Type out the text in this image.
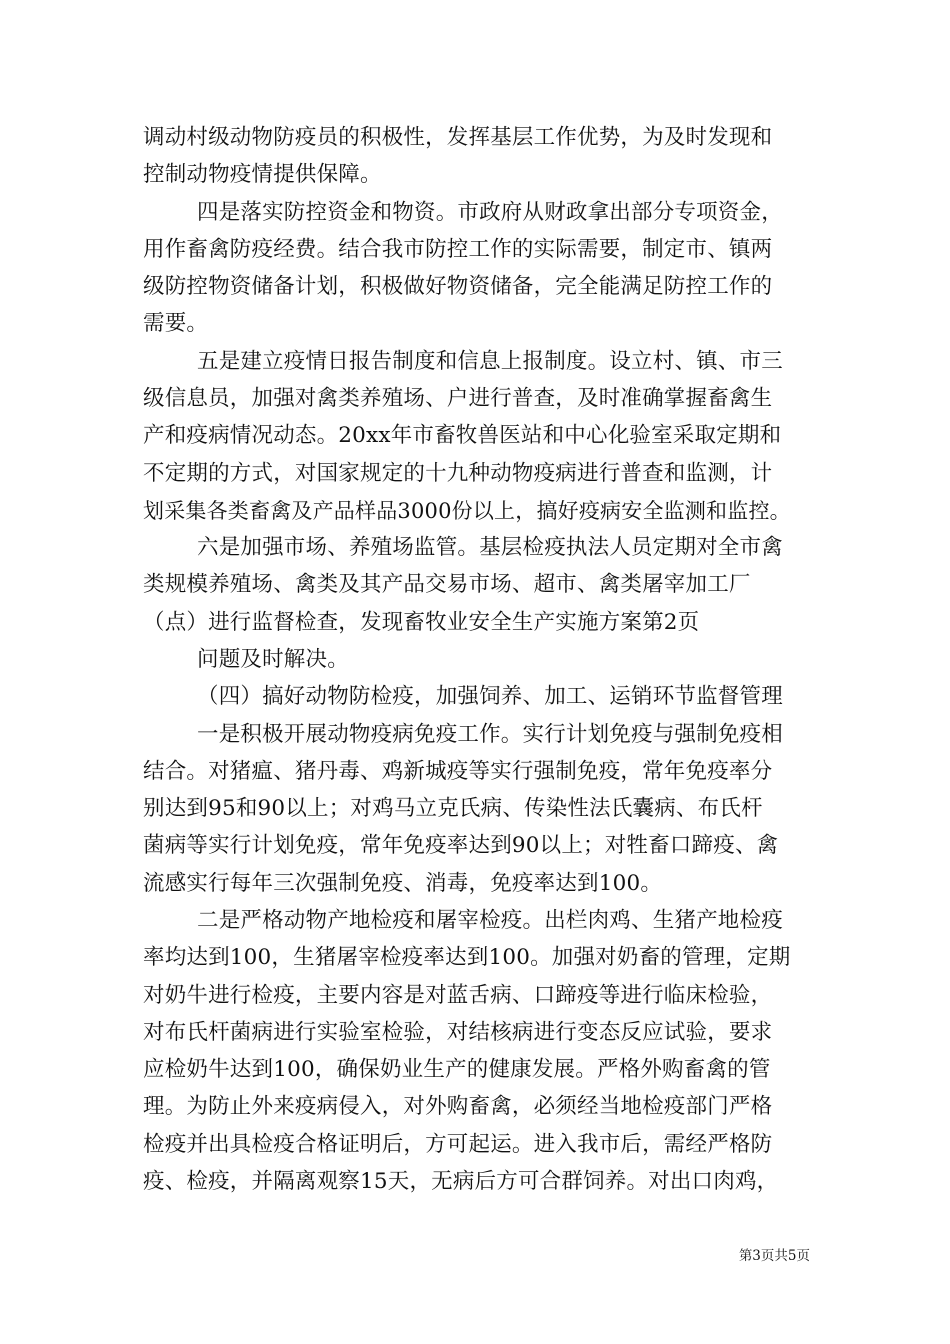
调动村级动物防疫员的积极性，发挥基层工作优势，为及时发现和
控制动物疫情提供保障。
四是落实防控资金和物资。市政府从财政拿出部分专项资金，
用作畜禽防疫经费。结合我市防控工作的实际需要，制定市、镇两
级防控物资储备计划，积极做好物资储备，完全能满足防控工作的
需要。
五是建立疫情日报告制度和信息上报制度。设立村、镇、市三
级信息员，加强对禽类养殖场、户进行普查，及时准确掌握畜禽生
产和疫病情况动态。20xx年市畜牧兽医站和中心化验室采取定期和
不定期的方式，对国家规定的十九种动物疫病进行普查和监测，计
划采集各类畜禽及产品样品3000份以上，搞好疫病安全监测和监控。
六是加强市场、养殖场监管。基层检疫执法人员定期对全市禽
类规模养殖场、禽类及其产品交易市场、超市、禽类屠宰加工厂
（点）进行监督检查，发现畜牧业安全生产实施方案第2页
问题及时解决。
（四）搞好动物防检疫，加强饲养、加工、运销环节监督管理
一是积极开展动物疫病免疫工作。实行计划免疫与强制免疫相
结合。对猪瘟、猪丹毒、鸡新城疫等实行强制免疫，常年免疫率分
别达到95和90以上；对鸡马立克氏病、传染性法氏囊病、布氏杆
菌病等实行计划免疫，常年免疫率达到90以上；对牲畜口蹄疫、禽
流感实行每年三次强制免疫、消毒，免疫率达到100。
二是严格动物产地检疫和屠宰检疫。出栏肉鸡、生猪产地检疫
率均达到100，生猪屠宰检疫率达到100。加强对奶畜的管理，定期
对奶牛进行检疫，主要内容是对蓝舌病、口蹄疫等进行临床检验，
对布氏杆菌病进行实验室检验，对结核病进行变态反应试验，要求
应检奶牛达到100，确保奶业生产的健康发展。严格外购畜禽的管
理。为防止外来疫病侵入，对外购畜禽，必须经当地检疫部门严格
检疫并出具检疫合格证明后，方可起运。进入我市后，需经严格防
疫、检疫，并隔离观察15天，无病后方可合群饲养。对出口肉鸡，
第3页共5页
